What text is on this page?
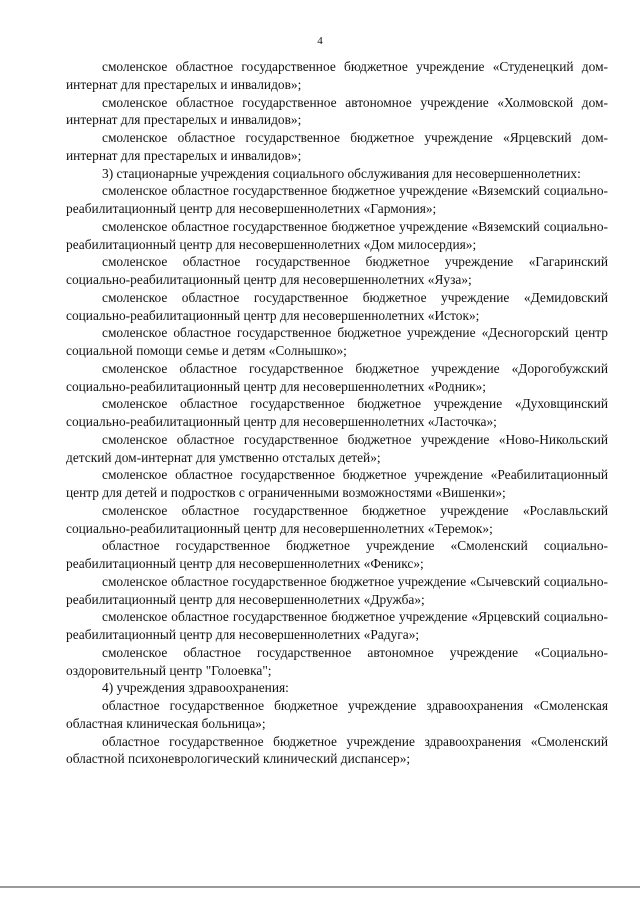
4

смоленское областное государственное бюджетное учреждение «Студенецкий дом-интернат для престарелых и инвалидов»;

смоленское областное государственное автономное учреждение «Холмовской дом-интернат для престарелых и инвалидов»;

смоленское областное государственное бюджетное учреждение «Ярцевский дом-интернат для престарелых и инвалидов»;

3) стационарные учреждения социального обслуживания для несовершеннолетних:

смоленское областное государственное бюджетное учреждение «Вяземский социально-реабилитационный центр для несовершеннолетних «Гармония»;

смоленское областное государственное бюджетное учреждение «Вяземский социально-реабилитационный центр для несовершеннолетних «Дом милосердия»;

смоленское областное государственное бюджетное учреждение «Гагаринский социально-реабилитационный центр для несовершеннолетних «Яуза»;

смоленское областное государственное бюджетное учреждение «Демидовский социально-реабилитационный центр для несовершеннолетних «Исток»;

смоленское областное государственное бюджетное учреждение «Десногорский центр социальной помощи семье и детям «Солнышко»;

смоленское областное государственное бюджетное учреждение «Дорогобужский социально-реабилитационный центр для несовершеннолетних «Родник»;

смоленское областное государственное бюджетное учреждение «Духовщинский социально-реабилитационный центр для несовершеннолетних «Ласточка»;

смоленское областное государственное бюджетное учреждение «Ново-Никольский детский дом-интернат для умственно отсталых детей»;

смоленское областное государственное бюджетное учреждение «Реабилитационный центр для детей и подростков с ограниченными возможностями «Вишенки»;

смоленское областное государственное бюджетное учреждение «Рославльский социально-реабилитационный центр для несовершеннолетних «Теремок»;

областное государственное бюджетное учреждение «Смоленский социально-реабилитационный центр для несовершеннолетних «Феникс»;

смоленское областное государственное бюджетное учреждение «Сычевский социально-реабилитационный центр для несовершеннолетних «Дружба»;

смоленское областное государственное бюджетное учреждение «Ярцевский социально-реабилитационный центр для несовершеннолетних «Радуга»;

смоленское областное государственное автономное учреждение «Социально-оздоровительный центр "Голоевка";

4) учреждения здравоохранения:

областное государственное бюджетное учреждение здравоохранения «Смоленская областная клиническая больница»;

областное государственное бюджетное учреждение здравоохранения «Смоленский областной психоневрологический клинический диспансер»;
